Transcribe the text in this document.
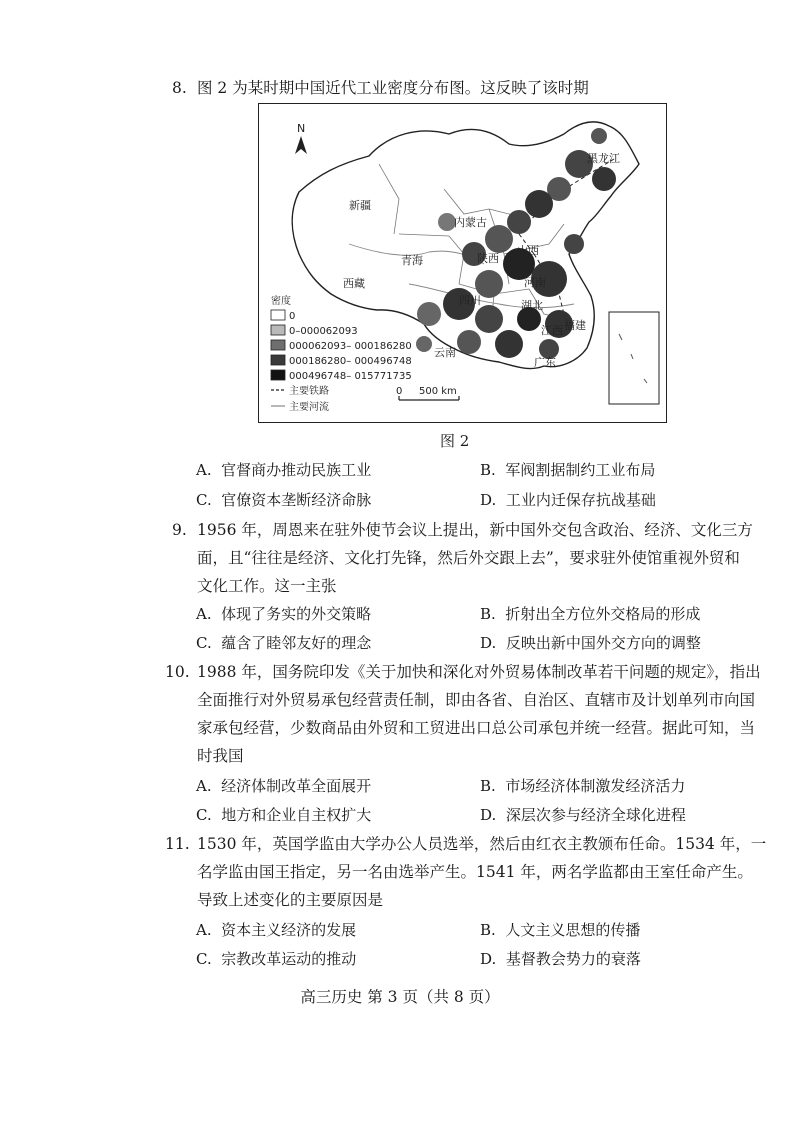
8. 图 2 为某时期中国近代工业密度分布图。这反映了该时期
N
新疆
西藏
青海
内蒙古
黑龙江
山西
陕西
河南
湖北
四川
江西 福建
云南
广东
密度
0
0–000062093
000062093– 000186280
000186280– 000496748
000496748– 015771735
主要铁路
主要河流
0 500 km
图 2
A. 官督商办推动民族工业	B. 军阀割据制约工业布局
C. 官僚资本垄断经济命脉	D. 工业内迁保存抗战基础
9. 1956 年，周恩来在驻外使节会议上提出，新中国外交包含政治、经济、文化三方
面，且“往往是经济、文化打先锋，然后外交跟上去”，要求驻外使馆重视外贸和
文化工作。这一主张
A. 体现了务实的外交策略	B. 折射出全方位外交格局的形成
C. 蕴含了睦邻友好的理念	D. 反映出新中国外交方向的调整
10. 1988 年，国务院印发《关于加快和深化对外贸易体制改革若干问题的规定》，指出
全面推行对外贸易承包经营责任制，即由各省、自治区、直辖市及计划单列市向国
家承包经营，少数商品由外贸和工贸进出口总公司承包并统一经营。据此可知，当
时我国
A. 经济体制改革全面展开	B. 市场经济体制激发经济活力
C. 地方和企业自主权扩大	D. 深层次参与经济全球化进程
11. 1530 年，英国学监由大学办公人员选举，然后由红衣主教颁布任命。1534 年，一
名学监由国王指定，另一名由选举产生。1541 年，两名学监都由王室任命产生。
导致上述变化的主要原因是
A. 资本主义经济的发展	B. 人文主义思想的传播
C. 宗教改革运动的推动	D. 基督教会势力的衰落
高三历史 第 3 页（共 8 页）
